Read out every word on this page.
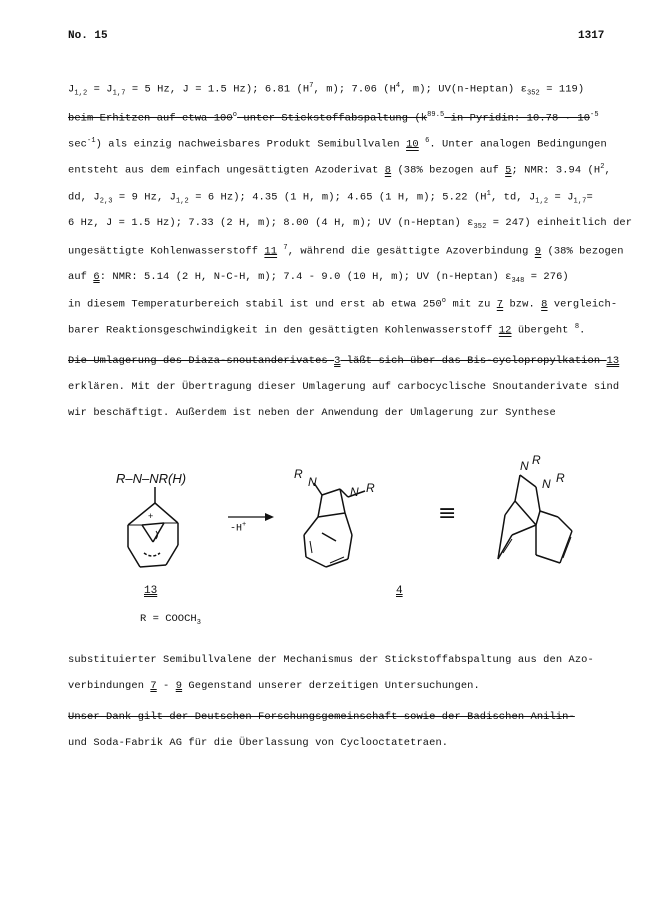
No. 15	1317
$J_{1,2} = J_{1,7} = 5$ Hz, J = 1.5 Hz); 6.81 ($H^7$, m); 7.06 ($H^4$, m); UV(n-Heptan) $\varepsilon_{352} = 119$)
beim Erhitzen auf etwa 100$^o$ unter Stickstoffabspaltung ($k^{89.5}$ in Pyridin: $10.78 \cdot 10^{-5}$
$\sec^{-1}$) als einzig nachweisbares Produkt Semibullvalen 10 $^6$. Unter analogen Bedingungen
entsteht aus dem einfach ungesättigten Azoderivat 8 (38% bezogen auf 5; NMR: 3.94 ($H^2$,
dd, $J_{2,3} = 9$ Hz, $J_{1,2} = 6$ Hz); 4.35 (1 H, m); 4.65 (1 H, m); 5.22 ($H^1$, td, $J_{1,2} = J_{1,7}=$
6 Hz, J = 1.5 Hz); 7.33 (2 H, m); 8.00 (4 H, m); UV (n-Heptan) $\varepsilon_{352} = 247$) einheitlich der
ungesättigte Kohlenwasserstoff 11 $^7$, während die gesättigte Azoverbindung 9 (38% bezogen
auf 6: NMR: 5.14 (2 H, N-C-H, m); 7.4 - 9.0 (10 H, m); UV (n-Heptan) $\varepsilon_{348} = 276$)
in diesem Temperaturbereich stabil ist und erst ab etwa 250$^o$ mit zu 7 bzw. 8 vergleich-
barer Reaktionsgeschwindigkeit in den gesättigten Kohlenwasserstoff 12 übergeht $^8$.
Die Umlagerung des Diaza-snoutanderivates 3 läßt sich über das Bis-cyclopropylkation 13
erklären. Mit der Übertragung dieser Umlagerung auf carbocyclische Snoutanderivate sind
wir beschäftigt. Außerdem ist neben der Anwendung der Umlagerung zur Synthese
R–N–NR(H)
+
R
N
N R
N R
N R
-H+	≡
13	4
$R = COOCH_3$
substituierter Semibullvalene der Mechanismus der Stickstoffabspaltung aus den Azo-
verbindungen 7 - 9 Gegenstand unserer derzeitigen Untersuchungen.
Unser Dank gilt der Deutschen Forschungsgemeinschaft sowie der Badischen Anilin-
und Soda-Fabrik AG für die Überlassung von Cyclooctatetraen.
